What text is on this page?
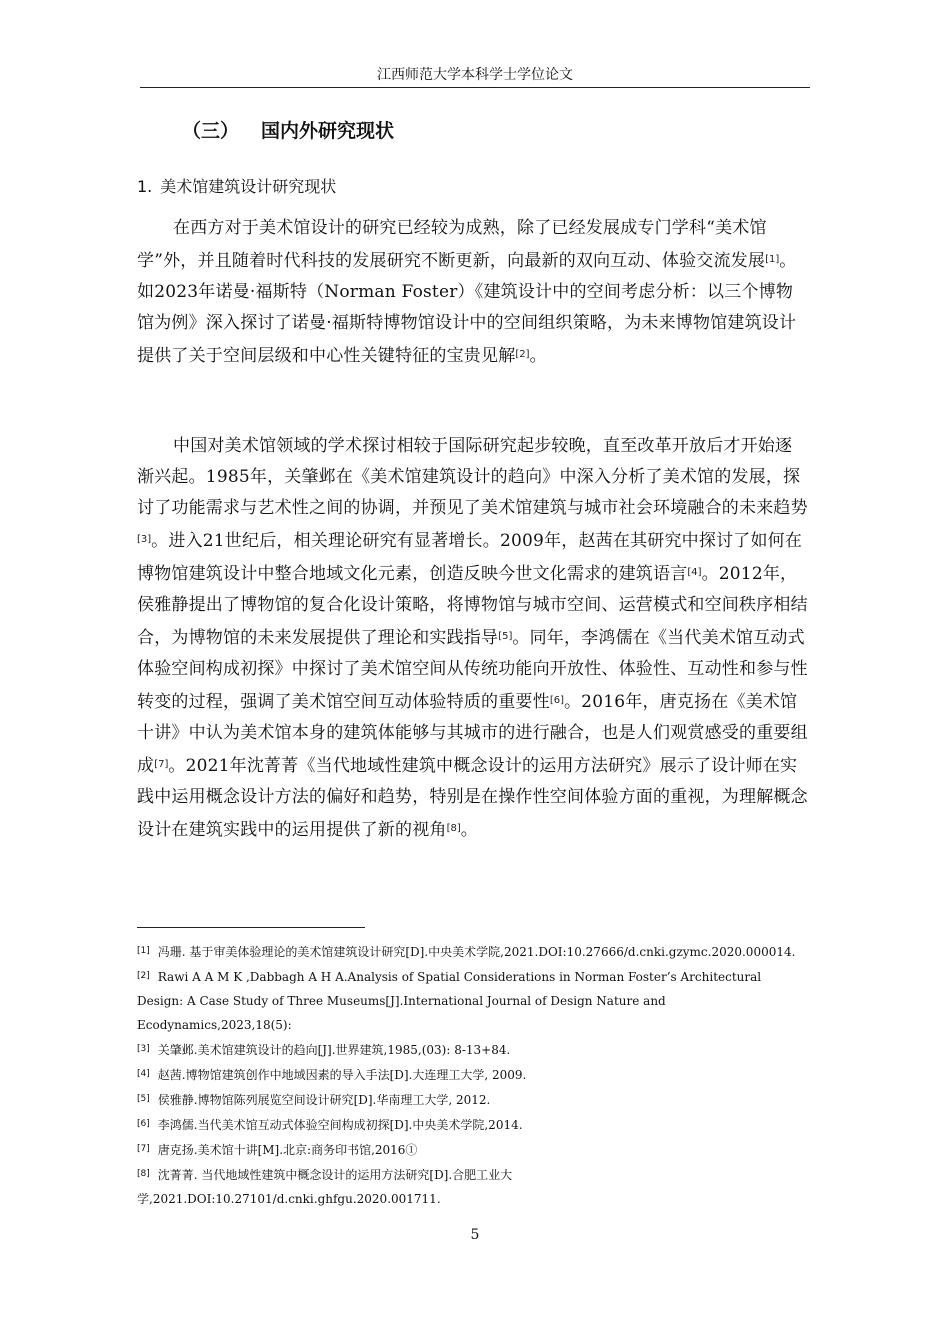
江西师范大学本科学士学位论文
（三） 国内外研究现状
1. 美术馆建筑设计研究现状
在西方对于美术馆设计的研究已经较为成熟，除了已经发展成专门学科“美术馆学”外，并且随着时代科技的发展研究不断更新，向最新的双向互动、体验交流发展[1]。如2023年诺曼·福斯特（Norman Foster）《建筑设计中的空间考虑分析：以三个博物馆为例》深入探讨了诺曼·福斯特博物馆设计中的空间组织策略，为未来博物馆建筑设计提供了关于空间层级和中心性关键特征的宝贵见解[2]。
中国对美术馆领域的学术探讨相较于国际研究起步较晚，直至改革开放后才开始逐渐兴起。1985年，关肇邺在《美术馆建筑设计的趋向》中深入分析了美术馆的发展，探讨了功能需求与艺术性之间的协调，并预见了美术馆建筑与城市社会环境融合的未来趋势[3]。进入21世纪后，相关理论研究有显著增长。2009年，赵茜在其研究中探讨了如何在博物馆建筑设计中整合地域文化元素，创造反映今世文化需求的建筑语言[4]。2012年，侯雅静提出了博物馆的复合化设计策略，将博物馆与城市空间、运营模式和空间秩序相结合，为博物馆的未来发展提供了理论和实践指导[5]。同年，李鸿儒在《当代美术馆互动式体验空间构成初探》中探讨了美术馆空间从传统功能向开放性、体验性、互动性和参与性转变的过程，强调了美术馆空间互动体验特质的重要性[6]。2016年，唐克扬在《美术馆十讲》中认为美术馆本身的建筑体能够与其城市的进行融合，也是人们观赏感受的重要组成[7]。2021年沈菁菁《当代地域性建筑中概念设计的运用方法研究》展示了设计师在实践中运用概念设计方法的偏好和趋势，特别是在操作性空间体验方面的重视，为理解概念设计在建筑实践中的运用提供了新的视角[8]。

[1] 冯珊. 基于审美体验理论的美术馆建筑设计研究[D].中央美术学院,2021.DOI:10.27666/d.cnki.gzymc.2020.000014.

[2] Rawi A A M K ,Dabbagh A H A.Analysis of Spatial Considerations in Norman Foster’s Architectural Design: A Case Study of Three Museums[J].International Journal of Design Nature and Ecodynamics,2023,18(5):

[3] 关肇邺.美术馆建筑设计的趋向[J].世界建筑,1985,(03): 8-13+84.

[4] 赵茜.博物馆建筑创作中地域因素的导入手法[D].大连理工大学, 2009.

[5] 侯雅静.博物馆陈列展览空间设计研究[D].华南理工大学, 2012.

[6] 李鸿儒.当代美术馆互动式体验空间构成初探[D].中央美术学院,2014.

[7] 唐克扬.美术馆十讲[M].北京:商务印书馆,2016①

[8] 沈菁菁. 当代地域性建筑中概念设计的运用方法研究[D].合肥工业大学,2021.DOI:10.27101/d.cnki.ghfgu.2020.001711.

5
